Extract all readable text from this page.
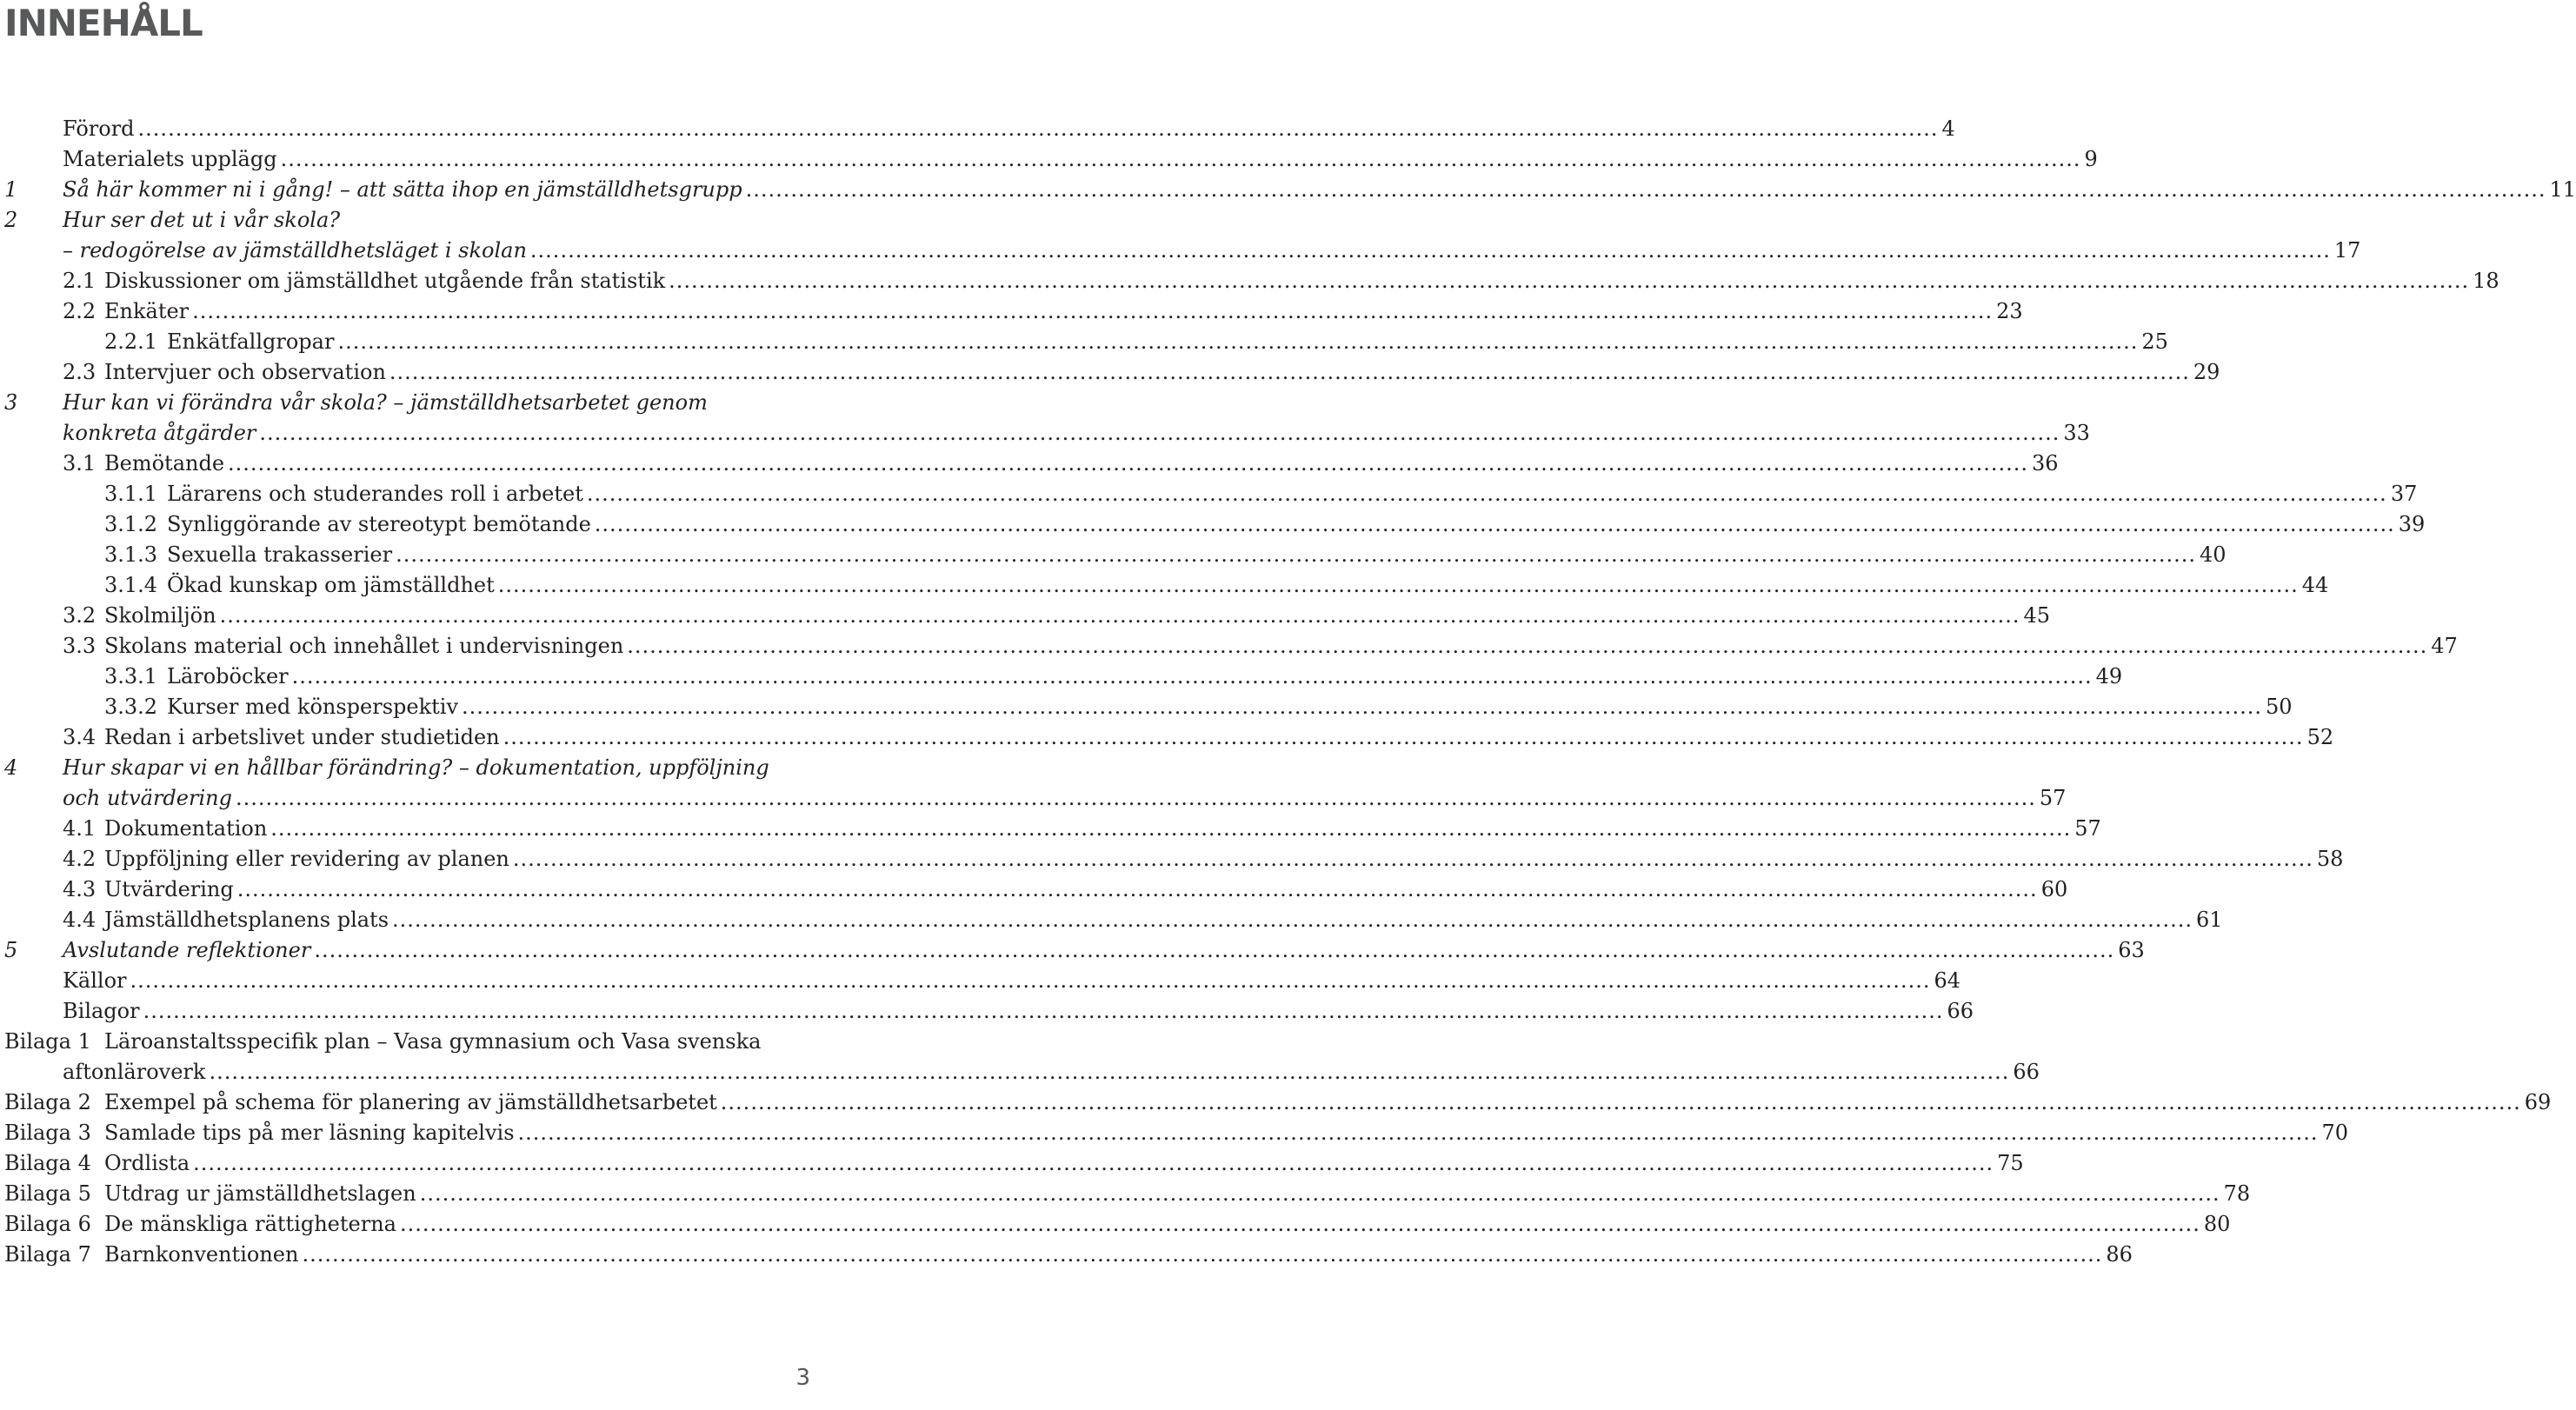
INNEHÅLL
Förord ................................................................................................................................................................................................................................................ 4
Materialets upplägg ................................................................................................................................................................................................................................................ 9
1 Så här kommer ni i gång! – att sätta ihop en jämställdhetsgrupp ................................................................................................................................................................................................................................................ 11
2 Hur ser det ut i vår skola?
– redogörelse av jämställdhetsläget i skolan ................................................................................................................................................................................................................................................ 17
2.1 Diskussioner om jämställdhet utgående från statistik ................................................................................................................................................................................................................................................ 18
2.2 Enkäter ................................................................................................................................................................................................................................................ 23
2.2.1 Enkätfallgropar ................................................................................................................................................................................................................................................ 25
2.3 Intervjuer och observation ................................................................................................................................................................................................................................................ 29
3 Hur kan vi förändra vår skola? – jämställdhetsarbetet genom
konkreta åtgärder ................................................................................................................................................................................................................................................ 33
3.1 Bemötande ................................................................................................................................................................................................................................................ 36
3.1.1 Lärarens och studerandes roll i arbetet ................................................................................................................................................................................................................................................ 37
3.1.2 Synliggörande av stereotypt bemötande ................................................................................................................................................................................................................................................ 39
3.1.3 Sexuella trakasserier ................................................................................................................................................................................................................................................ 40
3.1.4 Ökad kunskap om jämställdhet ................................................................................................................................................................................................................................................ 44
3.2 Skolmiljön ................................................................................................................................................................................................................................................ 45
3.3 Skolans material och innehållet i undervisningen ................................................................................................................................................................................................................................................ 47
3.3.1 Läroböcker ................................................................................................................................................................................................................................................ 49
3.3.2 Kurser med könsperspektiv ................................................................................................................................................................................................................................................ 50
3.4 Redan i arbetslivet under studietiden ................................................................................................................................................................................................................................................ 52
4 Hur skapar vi en hållbar förändring? – dokumentation, uppföljning
och utvärdering ................................................................................................................................................................................................................................................ 57
4.1 Dokumentation ................................................................................................................................................................................................................................................ 57
4.2 Uppföljning eller revidering av planen ................................................................................................................................................................................................................................................ 58
4.3 Utvärdering ................................................................................................................................................................................................................................................ 60
4.4 Jämställdhetsplanens plats ................................................................................................................................................................................................................................................ 61
5 Avslutande reflektioner ................................................................................................................................................................................................................................................ 63
Källor ................................................................................................................................................................................................................................................ 64
Bilagor ................................................................................................................................................................................................................................................ 66
Bilaga 1 Läroanstaltsspecifik plan – Vasa gymnasium och Vasa svenska
aftonläroverk ................................................................................................................................................................................................................................................ 66
Bilaga 2 Exempel på schema för planering av jämställdhetsarbetet ................................................................................................................................................................................................................................................ 69
Bilaga 3 Samlade tips på mer läsning kapitelvis ................................................................................................................................................................................................................................................ 70
Bilaga 4 Ordlista ................................................................................................................................................................................................................................................ 75
Bilaga 5 Utdrag ur jämställdhetslagen ................................................................................................................................................................................................................................................ 78
Bilaga 6 De mänskliga rättigheterna ................................................................................................................................................................................................................................................ 80
Bilaga 7 Barnkonventionen ................................................................................................................................................................................................................................................ 86
3
